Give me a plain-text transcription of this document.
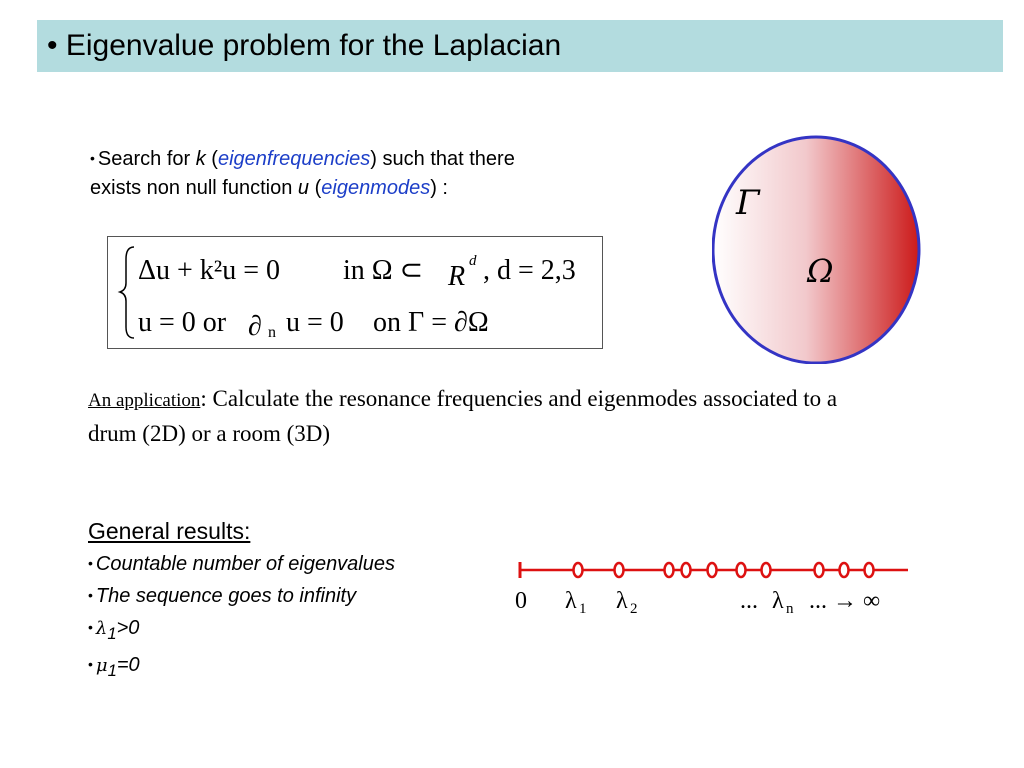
• Eigenvalue problem for the Laplacian
• Search for k (eigenfrequencies) such that there
exists non null function u (eigenmodes) :
Δu + k²u = 0 in Ω ⊂ R d , d = 2,3
u = 0 or ∂ n u = 0 on Γ = ∂Ω
Γ
Ω
An application: Calculate the resonance frequencies and eigenmodes associated to a drum (2D) or a room (3D)
General results:
• Countable number of eigenvalues
• The sequence goes to infinity
• $\lambda_1>0$
• $\mu_1=0$
0 λ 1 λ 2	... λ n ... → ∞
